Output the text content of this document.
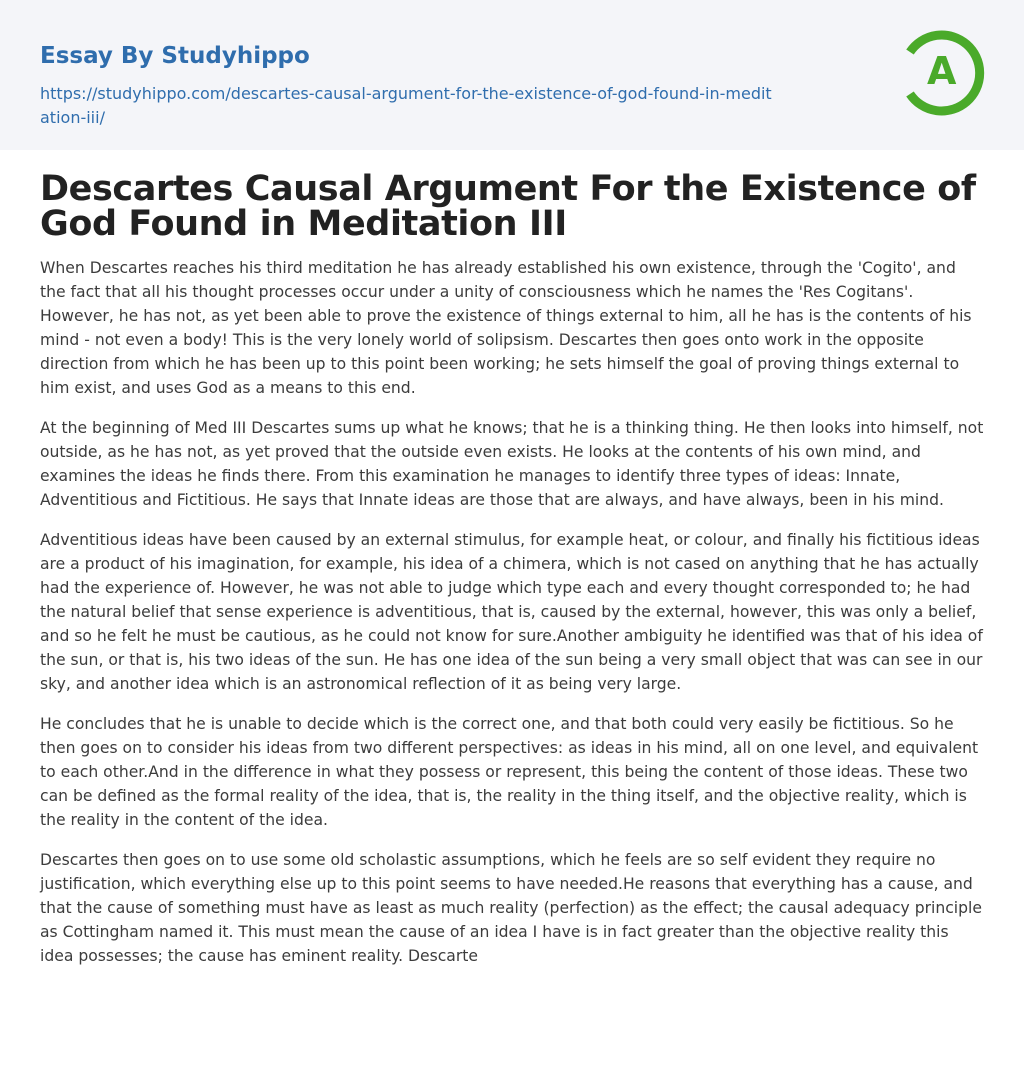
Essay By Studyhippo
https://studyhippo.com/descartes-causal-argument-for-the-existence-of-god-found-in-meditation-iii/
A
Descartes Causal Argument For the Existence of God Found in Meditation III

When Descartes reaches his third meditation he has already established his own existence, through the 'Cogito', and the fact that all his thought processes occur under a unity of consciousness which he names the 'Res Cogitans'. However, he has not, as yet been able to prove the existence of things external to him, all he has is the contents of his mind - not even a body! This is the very lonely world of solipsism. Descartes then goes onto work in the opposite direction from which he has been up to this point been working; he sets himself the goal of proving things external to him exist, and uses God as a means to this end.

At the beginning of Med III Descartes sums up what he knows; that he is a thinking thing. He then looks into himself, not outside, as he has not, as yet proved that the outside even exists. He looks at the contents of his own mind, and examines the ideas he finds there. From this examination he manages to identify three types of ideas: Innate, Adventitious and Fictitious. He says that Innate ideas are those that are always, and have always, been in his mind.

Adventitious ideas have been caused by an external stimulus, for example heat, or colour, and finally his fictitious ideas are a product of his imagination, for example, his idea of a chimera, which is not cased on anything that he has actually had the experience of. However, he was not able to judge which type each and every thought corresponded to; he had the natural belief that sense experience is adventitious, that is, caused by the external, however, this was only a belief, and so he felt he must be cautious, as he could not know for sure.Another ambiguity he identified was that of his idea of the sun, or that is, his two ideas of the sun. He has one idea of the sun being a very small object that was can see in our sky, and another idea which is an astronomical reflection of it as being very large.

He concludes that he is unable to decide which is the correct one, and that both could very easily be fictitious. So he then goes on to consider his ideas from two different perspectives: as ideas in his mind, all on one level, and equivalent to each other.And in the difference in what they possess or represent, this being the content of those ideas. These two can be defined as the formal reality of the idea, that is, the reality in the thing itself, and the objective reality, which is the reality in the content of the idea.

Descartes then goes on to use some old scholastic assumptions, which he feels are so self evident they require no justification, which everything else up to this point seems to have needed.He reasons that everything has a cause, and that the cause of something must have as least as much reality (perfection) as the effect; the causal adequacy principle as Cottingham named it. This must mean the cause of an idea I have is in fact greater than the objective reality this idea possesses; the cause has eminent reality. Descarte
